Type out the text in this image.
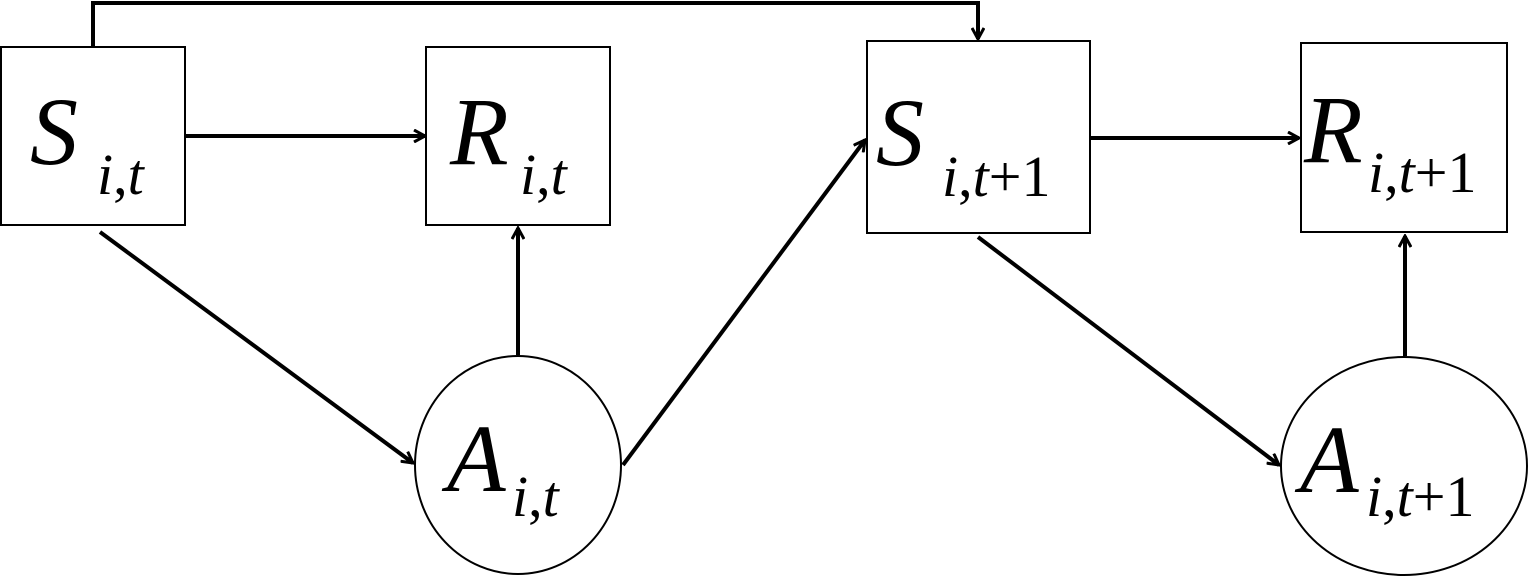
S i,t	R i,t
A i,t
S i,t+1	R i,t+1
A i,t+1
